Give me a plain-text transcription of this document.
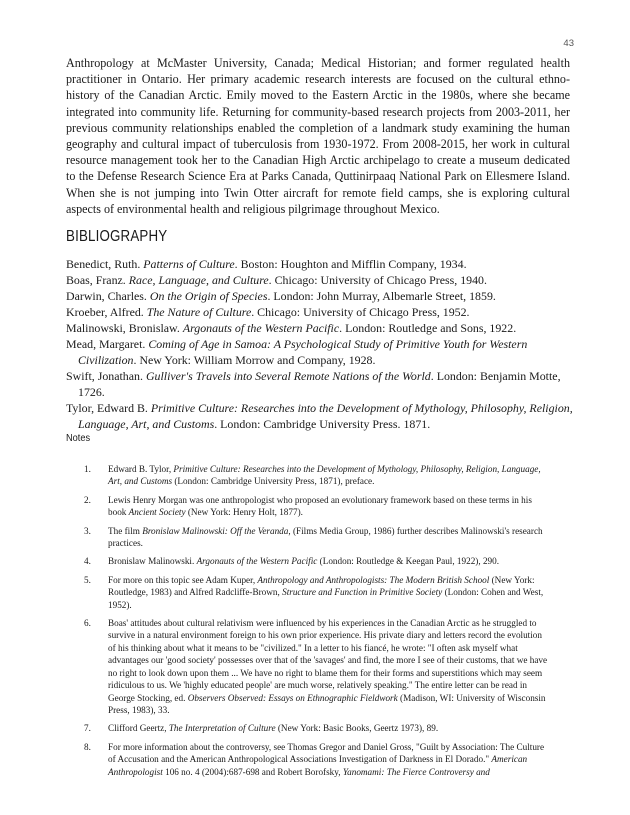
43

Anthropology at McMaster University, Canada; Medical Historian; and former regulated health practitioner in Ontario. Her primary academic research interests are focused on the cultural ethno-history of the Canadian Arctic. Emily moved to the Eastern Arctic in the 1980s, where she became integrated into community life. Returning for community-based research projects from 2003-2011, her previous community relationships enabled the completion of a landmark study examining the human geography and cultural impact of tuberculosis from 1930-1972. From 2008-2015, her work in cultural resource management took her to the Canadian High Arctic archipelago to create a museum dedicated to the Defense Research Science Era at Parks Canada, Quttinirpaaq National Park on Ellesmere Island. When she is not jumping into Twin Otter aircraft for remote field camps, she is exploring cultural aspects of environmental health and religious pilgrimage throughout Mexico.

BIBLIOGRAPHY
Benedict, Ruth. Patterns of Culture. Boston: Houghton and Mifflin Company, 1934.
Boas, Franz. Race, Language, and Culture. Chicago: University of Chicago Press, 1940.
Darwin, Charles. On the Origin of Species. London: John Murray, Albemarle Street, 1859.
Kroeber, Alfred. The Nature of Culture. Chicago: University of Chicago Press, 1952.
Malinowski, Bronislaw. Argonauts of the Western Pacific. London: Routledge and Sons, 1922.
Mead, Margaret. Coming of Age in Samoa: A Psychological Study of Primitive Youth for Western Civilization. New York: William Morrow and Company, 1928.
Swift, Jonathan. Gulliver's Travels into Several Remote Nations of the World. London: Benjamin Motte, 1726.
Tylor, Edward B. Primitive Culture: Researches into the Development of Mythology, Philosophy, Religion, Language, Art, and Customs. London: Cambridge University Press. 1871.
Notes
1. Edward B. Tylor, Primitive Culture: Researches into the Development of Mythology, Philosophy, Religion, Language, Art, and Customs (London: Cambridge University Press, 1871), preface.
2. Lewis Henry Morgan was one anthropologist who proposed an evolutionary framework based on these terms in his book Ancient Society (New York: Henry Holt, 1877).
3. The film Bronislaw Malinowski: Off the Veranda, (Films Media Group, 1986) further describes Malinowski's research practices.
4. Bronislaw Malinowski. Argonauts of the Western Pacific (London: Routledge & Keegan Paul, 1922), 290.
5. For more on this topic see Adam Kuper, Anthropology and Anthropologists: The Modern British School (New York: Routledge, 1983) and Alfred Radcliffe-Brown, Structure and Function in Primitive Society (London: Cohen and West, 1952).
6. Boas' attitudes about cultural relativism were influenced by his experiences in the Canadian Arctic as he struggled to survive in a natural environment foreign to his own prior experience. His private diary and letters record the evolution of his thinking about what it means to be "civilized." In a letter to his fiancé, he wrote: "I often ask myself what advantages our 'good society' possesses over that of the 'savages' and find, the more I see of their customs, that we have no right to look down upon them ... We have no right to blame them for their forms and superstitions which may seem ridiculous to us. We 'highly educated people' are much worse, relatively speaking." The entire letter can be read in George Stocking, ed. Observers Observed: Essays on Ethnographic Fieldwork (Madison, WI: University of Wisconsin Press, 1983), 33.
7. Clifford Geertz, The Interpretation of Culture (New York: Basic Books, Geertz 1973), 89.
8. For more information about the controversy, see Thomas Gregor and Daniel Gross, "Guilt by Association: The Culture of Accusation and the American Anthropological Associations Investigation of Darkness in El Dorado." American Anthropologist 106 no. 4 (2004):687-698 and Robert Borofsky, Yanomami: The Fierce Controversy and
